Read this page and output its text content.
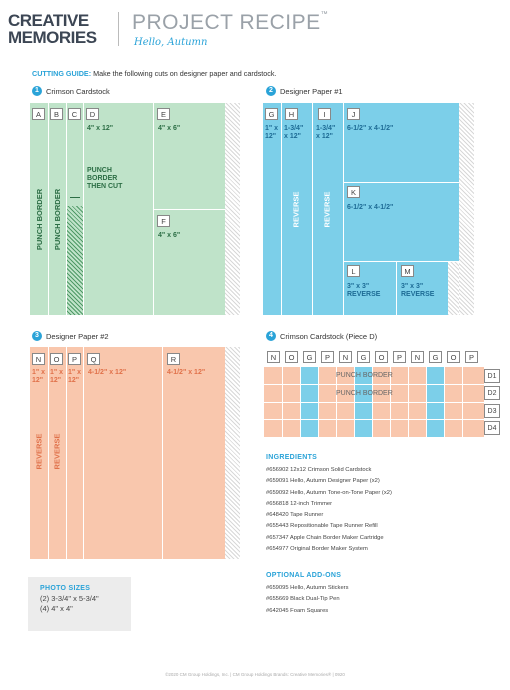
CREATIVE
MEMORIES
PROJECT RECIPE™
Hello, Autumn
CUTTING GUIDE: Make the following cuts on designer paper and cardstock.
1 Crimson Cardstock
A	B	C	D	E
F
4" x 12"	4" x 6"
4" x 6"
PUNCH
BORDER
THEN CUT
PUNCH BORDER PUNCH BORDER
2 Designer Paper #1
G	H	I	J
K
L	M
1" x
12"
1-3/4"
x 12"
1-3/4"
x 12"
6-1/2" x 4-1/2"
6-1/2" x 4-1/2"
3" x 3"
REVERSE
3" x 3"
REVERSE
REVERSE	REVERSE
3 Designer Paper #2
N	O	P	Q	R
1" x
12"
1" x
12"
1" x
12"
4-1/2" x 12"	4-1/2" x 12"
REVERSE REVERSE
4 Crimson Cardstock (Piece D)
N	O	G	P	N	G	O	P	N	G	O	P
PUNCH BORDER
PUNCH BORDER
D1
D2
D3
D4
INGREDIENTS
#656902 12x12 Crimson Solid Cardstock
#659091 Hello, Autumn Designer Paper (x2)
#659092 Hello, Autumn Tone-on-Tone Paper (x2)
#656818 12-inch Trimmer
#648420 Tape Runner
#655443 Repositionable Tape Runner Refill
#657347 Apple Chain Border Maker Cartridge
#654977 Original Border Maker System
OPTIONAL ADD-ONS
#659095 Hello, Autumn Stickers
#655669 Black Dual-Tip Pen
#642045 Foam Squares
PHOTO SIZES
(2) 3-3/4" x 5-3/4"
(4) 4" x 4"
©2020 CM Group Holdings, Inc. | CM Group Holdings Brands: Creative Memories® | 0920
